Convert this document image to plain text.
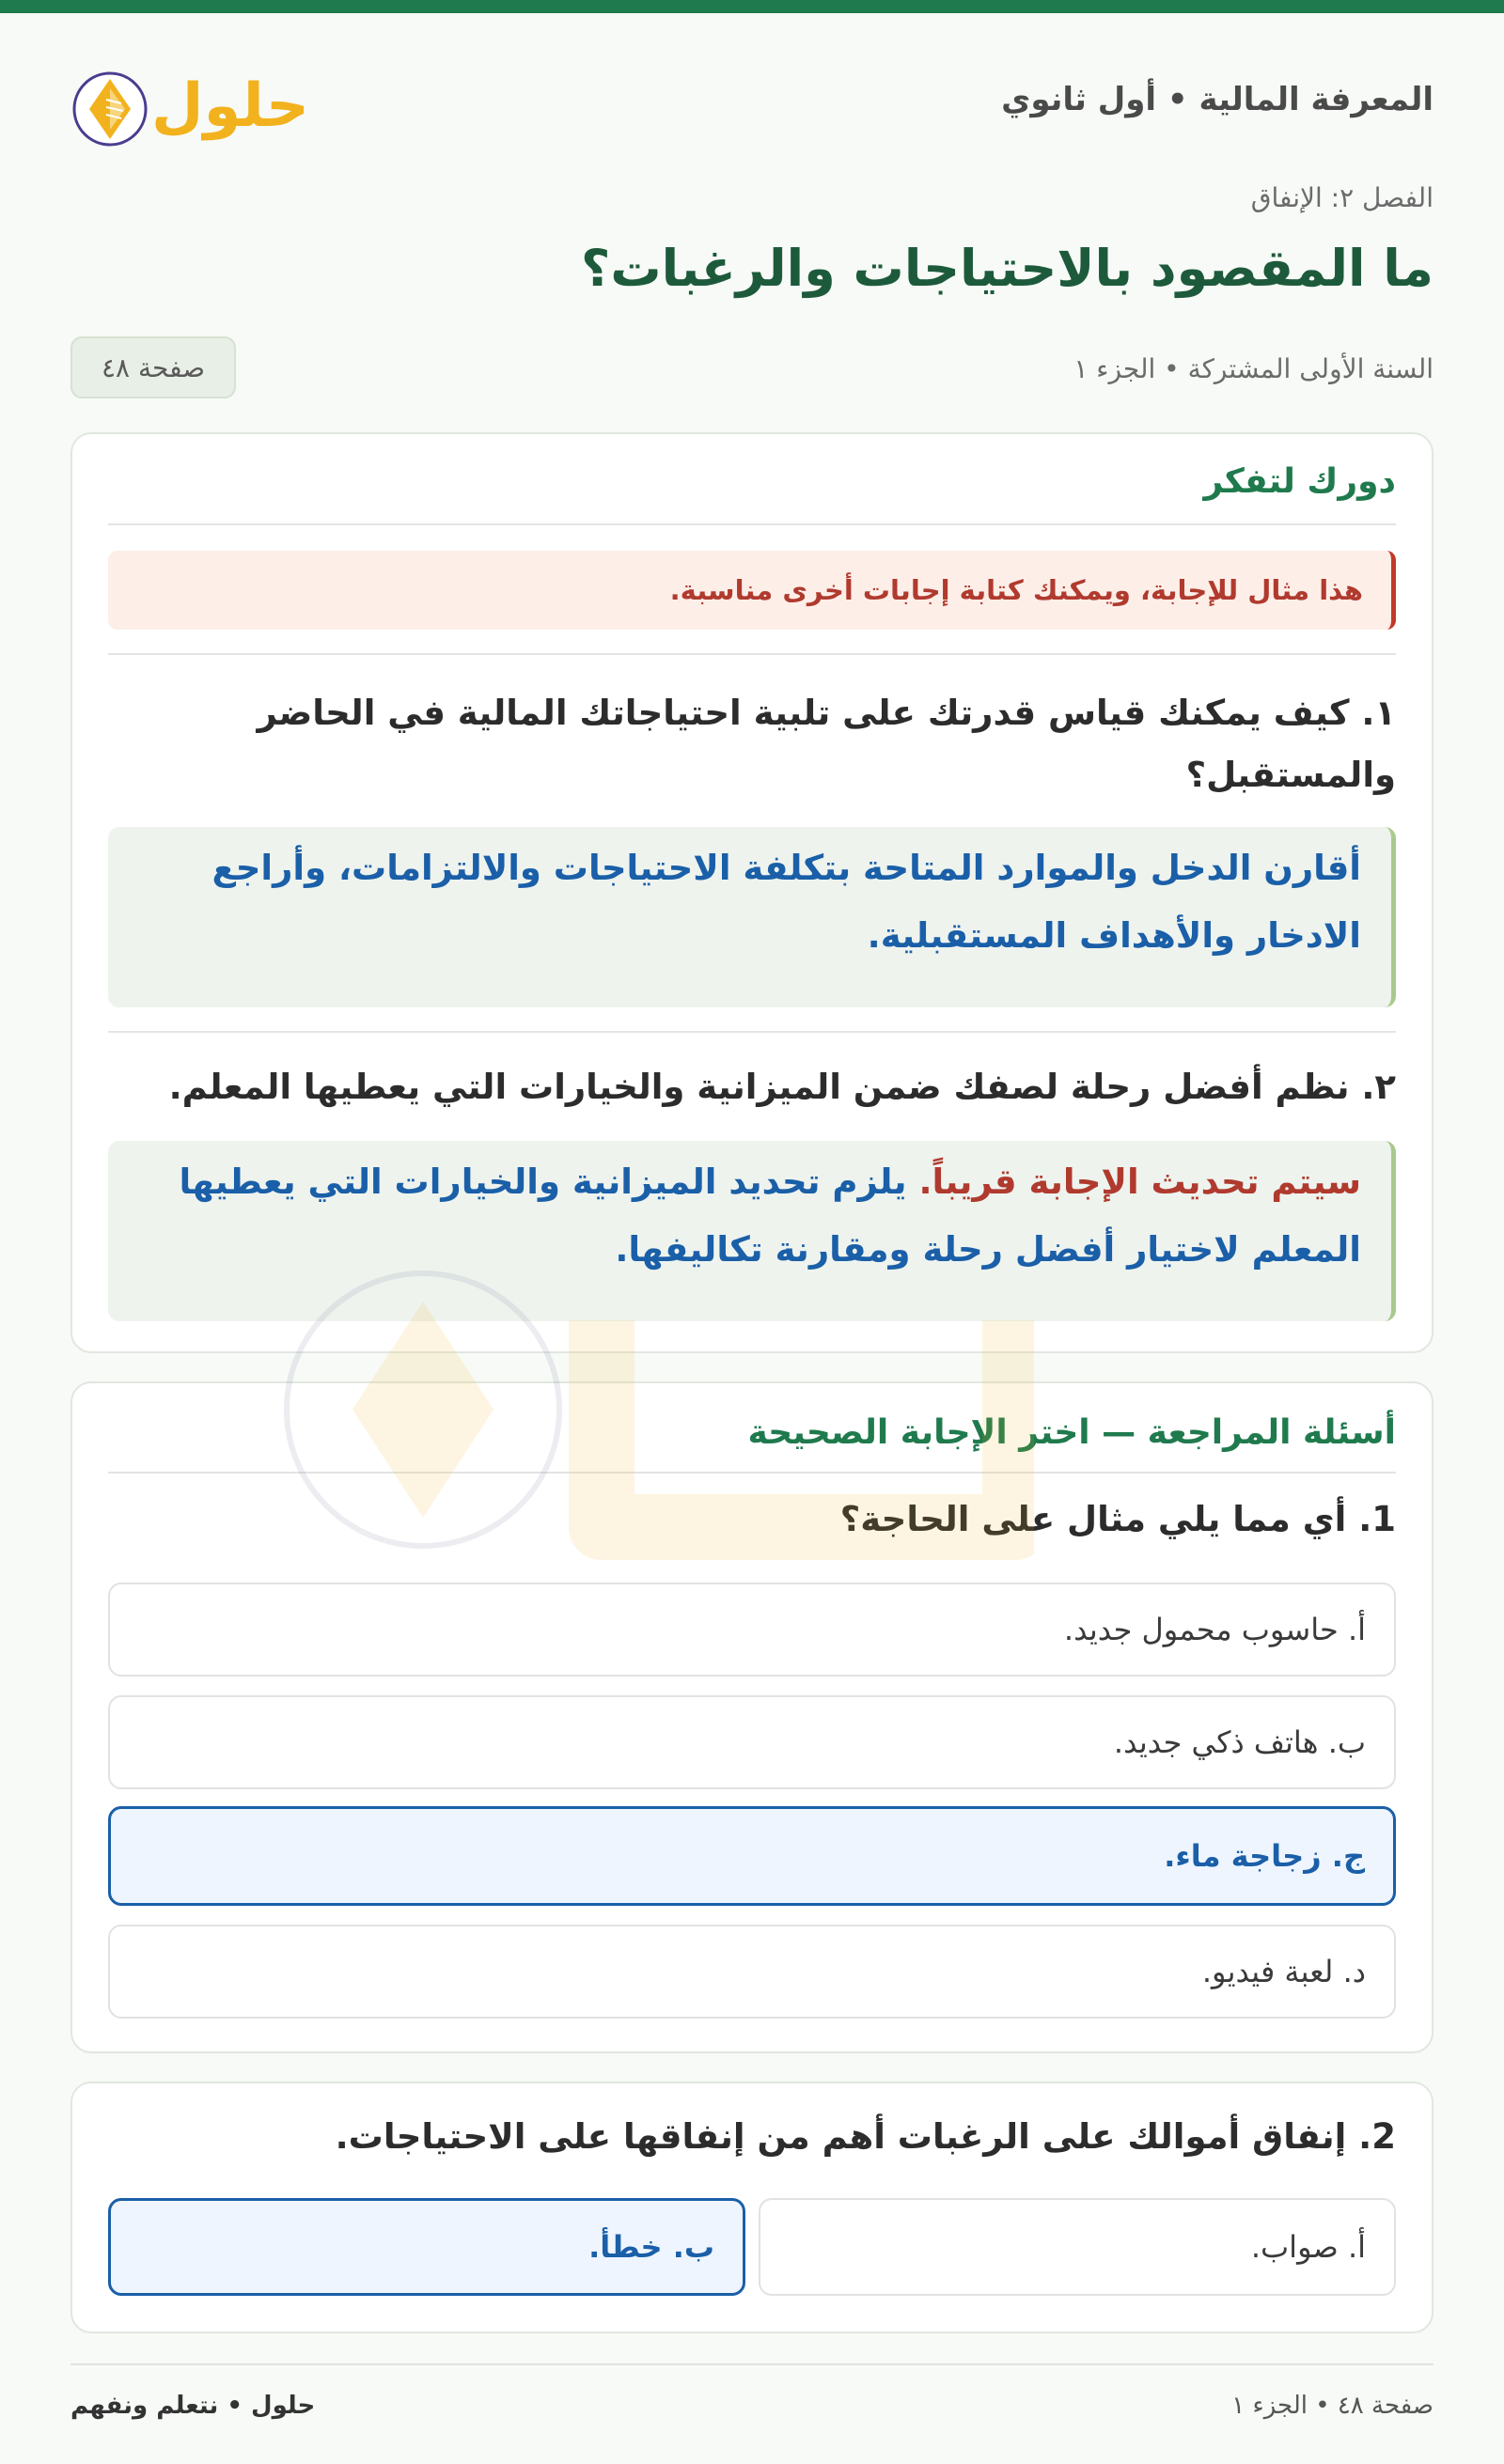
المعرفة المالية • أول ثانوي
حلول
الفصل ٢: الإنفاق
ما المقصود بالاحتياجات والرغبات؟
السنة الأولى المشتركة • الجزء ١
صفحة ٤٨
دورك لتفكر
هذا مثال للإجابة، ويمكنك كتابة إجابات أخرى مناسبة.
١. كيف يمكنك قياس قدرتك على تلبية احتياجاتك المالية في الحاضر والمستقبل؟
أقارن الدخل والموارد المتاحة بتكلفة الاحتياجات والالتزامات، وأراجع الادخار والأهداف المستقبلية.
٢. نظم أفضل رحلة لصفك ضمن الميزانية والخيارات التي يعطيها المعلم.
سيتم تحديث الإجابة قريباً. يلزم تحديد الميزانية والخيارات التي يعطيها المعلم لاختيار أفضل رحلة ومقارنة تكاليفها.
أسئلة المراجعة — اختر الإجابة الصحيحة
1. أي مما يلي مثال على الحاجة؟
أ. حاسوب محمول جديد.
ب. هاتف ذكي جديد.
ج. زجاجة ماء.
د. لعبة فيديو.
2. إنفاق أموالك على الرغبات أهم من إنفاقها على الاحتياجات.
أ. صواب.
ب. خطأ.
صفحة ٤٨ • الجزء ١
حلول • نتعلم ونفهم
